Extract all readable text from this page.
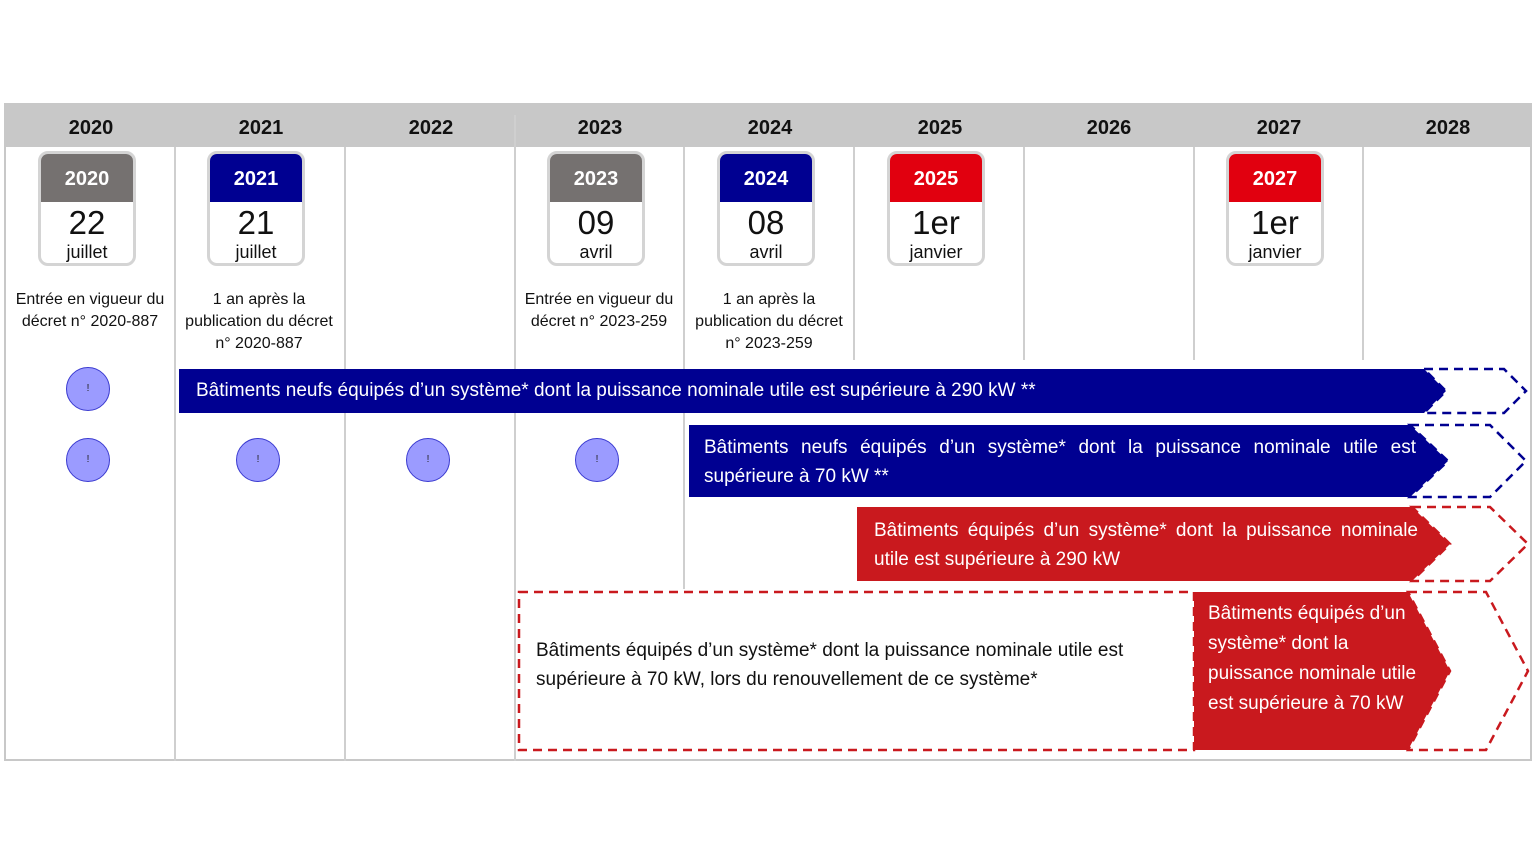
2020	2021	2022	2023	2024	2025	2026	2027	2028
2020
22
juillet
2021
21
juillet
2023
09
avril
2024
08
avril
2025
1er
janvier
2027
1er
janvier
Entrée en vigueur du décret n° 2020-887
1 an après la publication du décret n° 2020-887
Entrée en vigueur du décret n° 2023-259
1 an après la publication du décret n° 2023-259
Bâtiments neufs équipés d’un système* dont la puissance nominale utile est supérieure à 290 kW **
Bâtiments neufs équipés d’un système* dont la puissance nominale utile est supérieure à 70 kW **
Bâtiments équipés d’un système* dont la puissance nominale utile est supérieure à 290 kW
Bâtiments équipés d’un système* dont la puissance nominale utile est supérieure à 70 kW, lors du renouvellement de ce système*
Bâtiments équipés d’un système* dont la puissance nominale utile est supérieure à 70 kW
!
!	!	!	!
